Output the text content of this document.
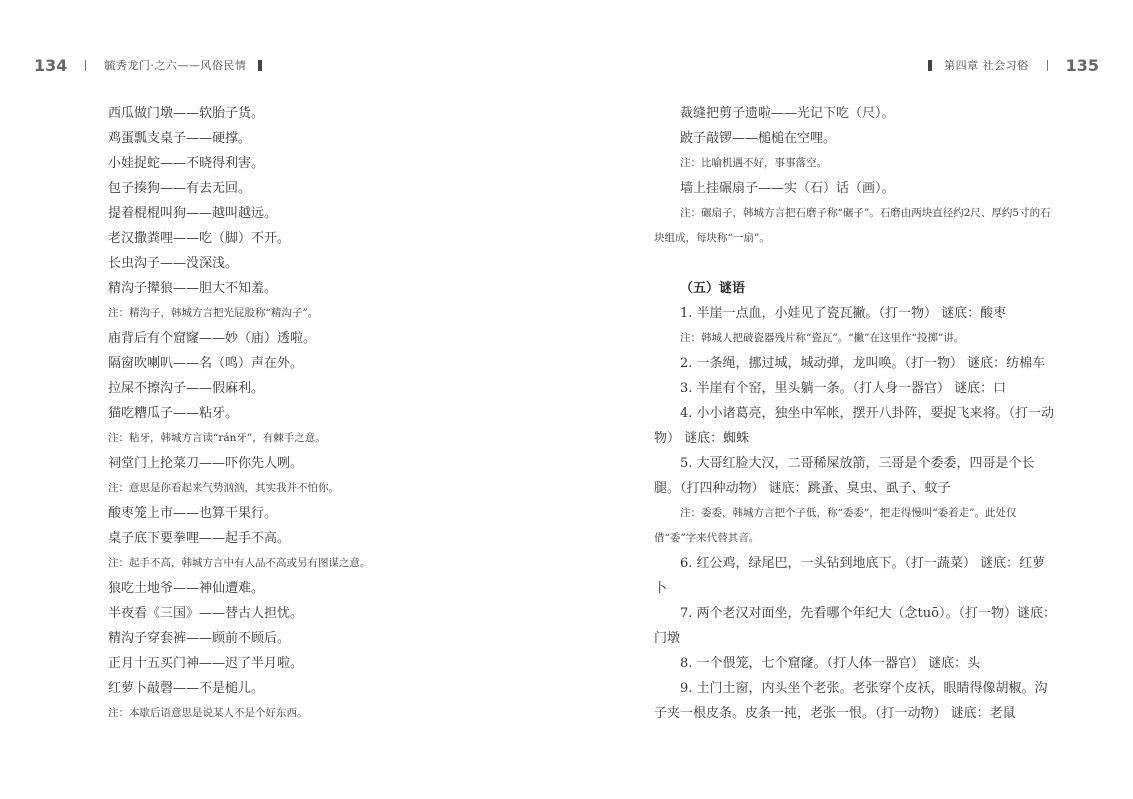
134	毓秀龙门·之六——风俗民情	第四章 社会习俗 135
西瓜做门墩——软胎子货。
鸡蛋瓢支桌子——硬撑。
小娃捉蛇——不晓得利害。
包子揍狗——有去无回。
提着棍棍叫狗——越叫越远。
老汉撒粪哩——吃（脚）不开。
长虫沟子——没深浅。
精沟子撵狼——胆大不知羞。
注：精沟子，韩城方言把光屁股称“精沟子”。
庙背后有个窟窿——妙（庙）透啦。
隔窗吹喇叭——名（鸣）声在外。
拉屎不擦沟子——假麻利。
猫吃糟瓜子——粘牙。
注：粘牙，韩城方言读“rán牙”，有棘手之意。
祠堂门上抡菜刀——吓你先人咧。
注：意思是你看起来气势汹汹，其实我并不怕你。
酸枣笼上市——也算干果行。
桌子底下要拳哩——起手不高。
注：起手不高，韩城方言中有人品不高或另有图谋之意。
狼吃土地爷——神仙遭难。
半夜看《三国》——替古人担忧。
精沟子穿套裤——顾前不顾后。
正月十五买门神——迟了半月啦。
红萝卜敲磬——不是槌儿。
注：本歇后语意思是说某人不是个好东西。
裁缝把剪子遗啦——光记下吃（尺）。
跛子敲锣——槌槌在空哩。
注：比喻机遇不好，事事落空。
墙上挂碾扇子——实（石）话（画）。
注：碾扇子，韩城方言把石磨子称“碾子”。石磨由两块直径约2尺、厚约5寸的石块组成，每块称“一扇”。
（五）谜语
1. 半崖一点血，小娃见了瓷瓦撇。（打一物） 谜底：酸枣
注：韩城人把破瓷器残片称“瓷瓦”。“撇”在这里作“投掷”讲。
2. 一条绳，挪过城，城动弹，龙叫唤。（打一物） 谜底：纺棉车
3. 半崖有个窑，里头躺一条。（打人身一器官） 谜底：口
4. 小小诸葛亮，独坐中军帐，摆开八卦阵，要捉飞来将。（打一动物） 谜底：蜘蛛
5. 大哥红脸大汉，二哥稀屎放箭，三哥是个委委，四哥是个长腿。（打四种动物） 谜底：跳蚤、臭虫、虱子、蚊子
注：委委，韩城方言把个子低，称“委委”，把走得慢叫“委着走”。此处仅借“委”字来代替其音。
6. 红公鸡，绿尾巴，一头钻到地底下。（打一蔬菜） 谜底：红萝卜
7. 两个老汉对面坐，先看哪个年纪大（念tuō）。（打一物）谜底：门墩
8. 一个偎笼，七个窟窿。（打人体一器官） 谜底：头
9. 土门土窗，内头坐个老张。老张穿个皮袄，眼睛得像胡椒。沟子夹一根皮条。皮条一扽，老张一恨。（打一动物） 谜底：老鼠
